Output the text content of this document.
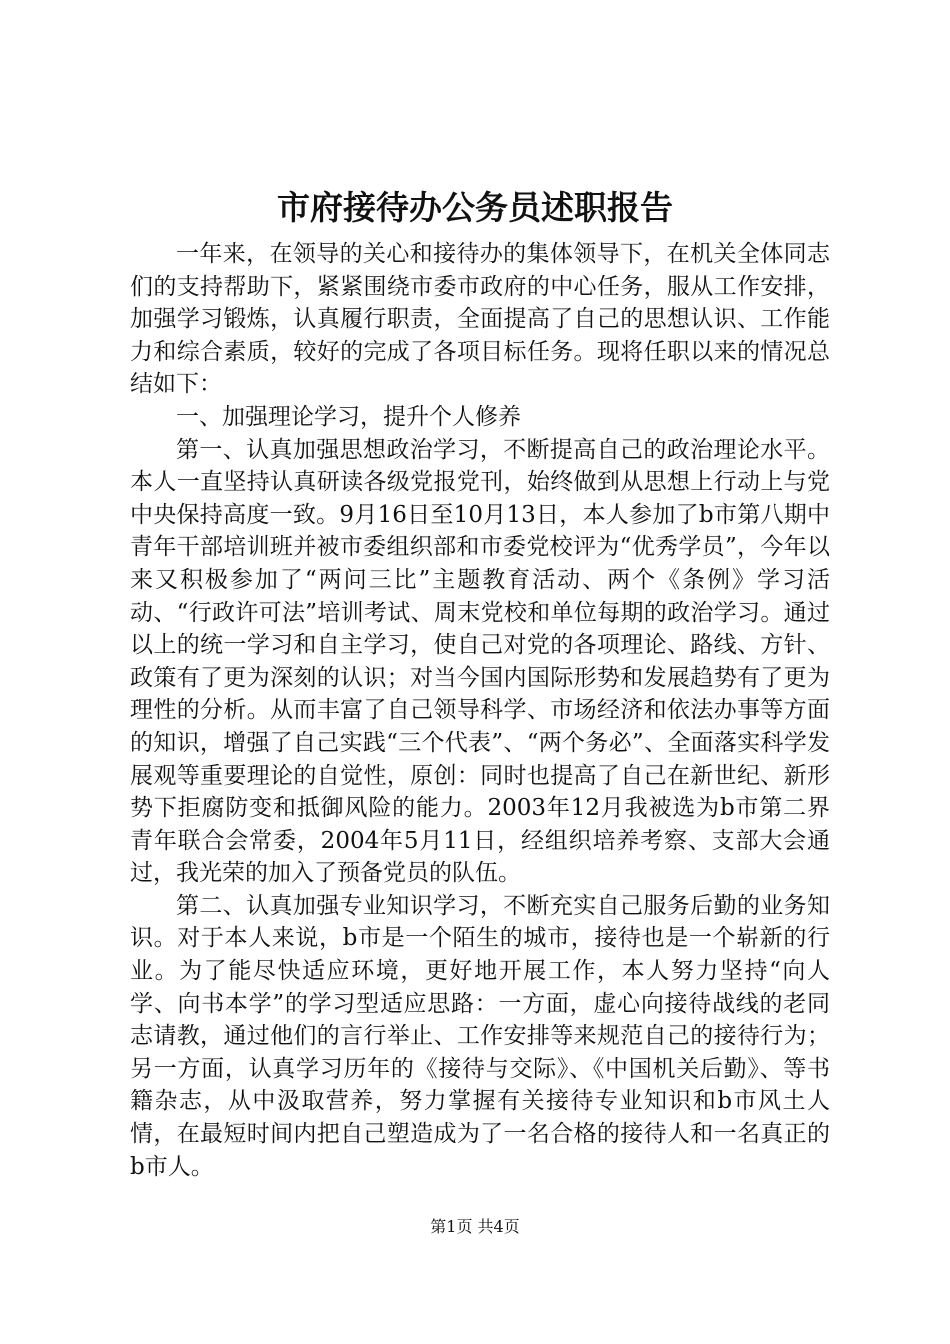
市府接待办公务员述职报告

一年来，在领导的关心和接待办的集体领导下，在机关全体同志们的支持帮助下，紧紧围绕市委市政府的中心任务，服从工作安排，加强学习锻炼，认真履行职责，全面提高了自己的思想认识、工作能力和综合素质，较好的完成了各项目标任务。现将任职以来的情况总结如下：

一、加强理论学习，提升个人修养

第一、认真加强思想政治学习，不断提高自己的政治理论水平。本人一直坚持认真研读各级党报党刊，始终做到从思想上行动上与党中央保持高度一致。9月16日至10月13日，本人参加了b市第八期中青年干部培训班并被市委组织部和市委党校评为“优秀学员”，今年以来又积极参加了“两问三比”主题教育活动、两个《条例》学习活动、“行政许可法”培训考试、周末党校和单位每期的政治学习。通过以上的统一学习和自主学习，使自己对党的各项理论、路线、方针、政策有了更为深刻的认识；对当今国内国际形势和发展趋势有了更为理性的分析。从而丰富了自己领导科学、市场经济和依法办事等方面的知识，增强了自己实践“三个代表”、“两个务必”、全面落实科学发展观等重要理论的自觉性，原创：同时也提高了自己在新世纪、新形势下拒腐防变和抵御风险的能力。2003年12月我被选为b市第二界青年联合会常委，2004年5月11日，经组织培养考察、支部大会通过，我光荣的加入了预备党员的队伍。

第二、认真加强专业知识学习，不断充实自己服务后勤的业务知识。对于本人来说，b市是一个陌生的城市，接待也是一个崭新的行业。为了能尽快适应环境，更好地开展工作，本人努力坚持“向人学、向书本学”的学习型适应思路：一方面，虚心向接待战线的老同志请教，通过他们的言行举止、工作安排等来规范自己的接待行为；另一方面，认真学习历年的《接待与交际》、《中国机关后勤》、等书籍杂志，从中汲取营养，努力掌握有关接待专业知识和b市风土人情，在最短时间内把自己塑造成为了一名合格的接待人和一名真正的b市人。

第1页 共4页
